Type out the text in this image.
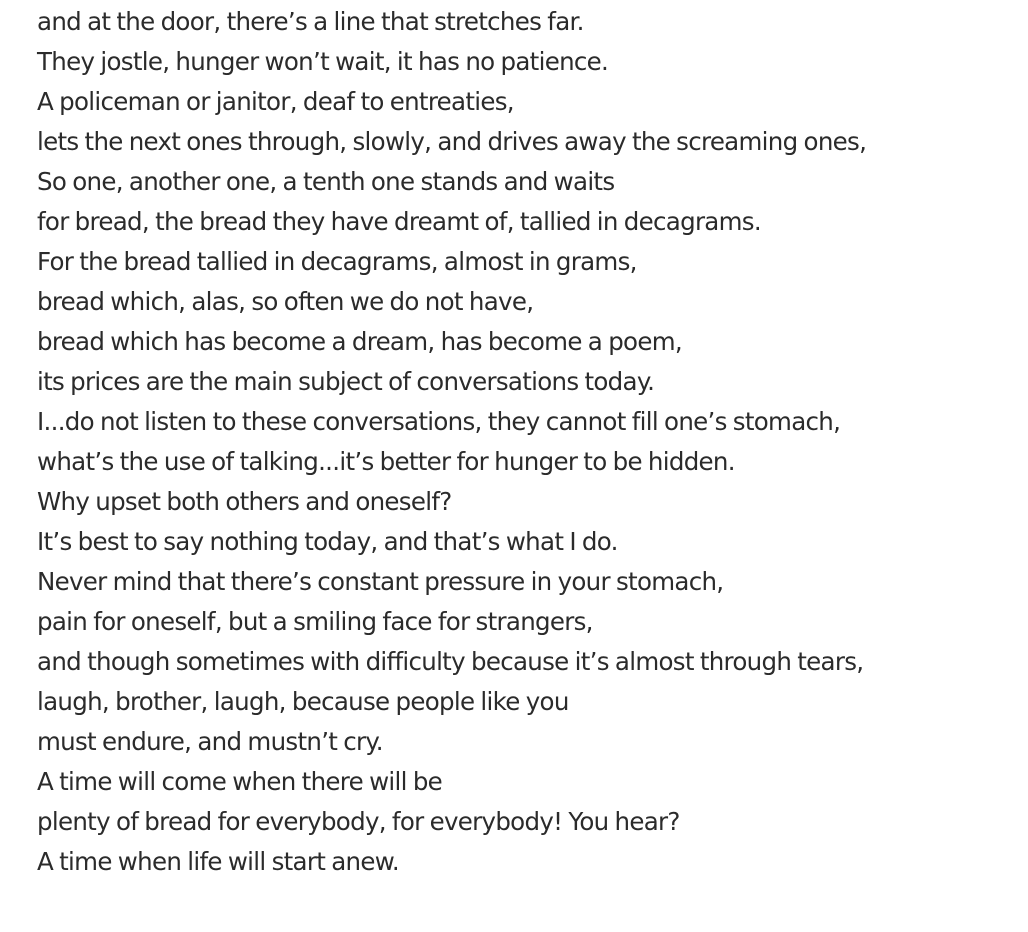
and at the door, there’s a line that stretches far.
They jostle, hunger won’t wait, it has no patience.
A policeman or janitor, deaf to entreaties,
lets the next ones through, slowly, and drives away the screaming ones,
So one, another one, a tenth one stands and waits
for bread, the bread they have dreamt of, tallied in decagrams.
For the bread tallied in decagrams, almost in grams,
bread which, alas, so often we do not have,
bread which has become a dream, has become a poem,
its prices are the main subject of conversations today.
I...do not listen to these conversations, they cannot fill one’s stomach,
what’s the use of talking...it’s better for hunger to be hidden.
Why upset both others and oneself?
It’s best to say nothing today, and that’s what I do.
Never mind that there’s constant pressure in your stomach,
pain for oneself, but a smiling face for strangers,
and though sometimes with difficulty because it’s almost through tears,
laugh, brother, laugh, because people like you
must endure, and mustn’t cry.
A time will come when there will be
plenty of bread for everybody, for everybody! You hear?
A time when life will start anew.
